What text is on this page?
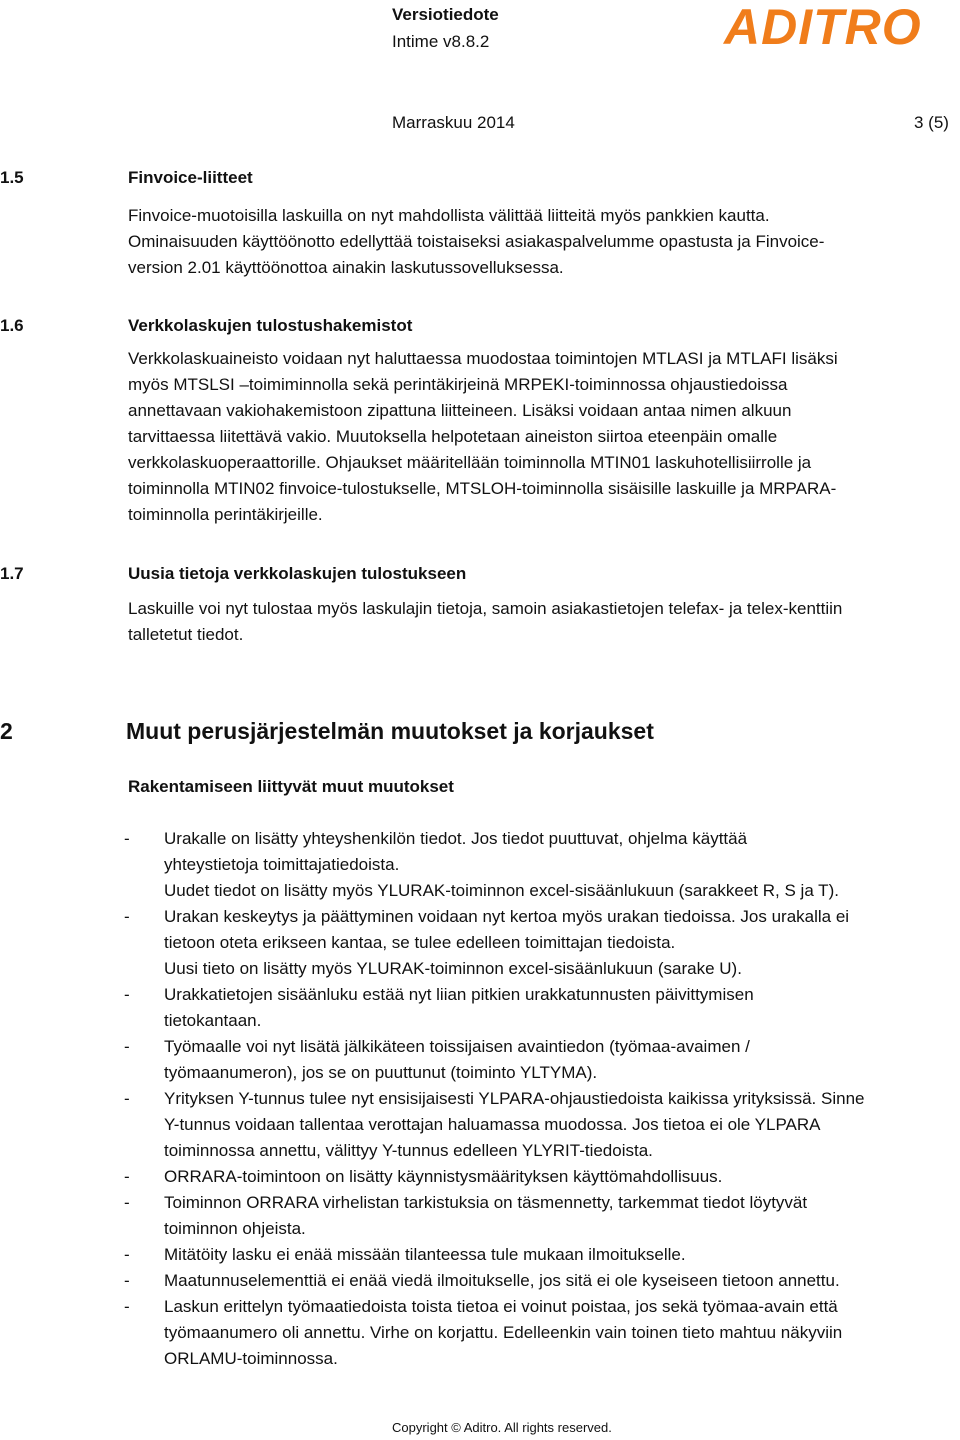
Versiotiedote
Intime v8.8.2	ADITRO
Marraskuu 2014	3 (5)
1.5	Finvoice-liitteet
Finvoice-muotoisilla laskuilla on nyt mahdollista välittää liitteitä myös pankkien kautta.
Ominaisuuden käyttöönotto edellyttää toistaiseksi asiakaspalvelumme opastusta ja Finvoice-
version 2.01 käyttöönottoa ainakin laskutussovelluksessa.
1.6	Verkkolaskujen tulostushakemistot
Verkkolaskuaineisto voidaan nyt haluttaessa muodostaa toimintojen MTLASI ja MTLAFI lisäksi
myös MTSLSI –toimiminnolla sekä perintäkirjeinä MRPEKI-toiminnossa ohjaustiedoissa
annettavaan vakiohakemistoon zipattuna liitteineen. Lisäksi voidaan antaa nimen alkuun
tarvittaessa liitettävä vakio. Muutoksella helpotetaan aineiston siirtoa eteenpäin omalle
verkkolaskuoperaattorille. Ohjaukset määritellään toiminnolla MTIN01 laskuhotellisiirrolle ja
toiminnolla MTIN02 finvoice-tulostukselle, MTSLOH-toiminnolla sisäisille laskuille ja MRPARA-
toiminnolla perintäkirjeille.
1.7	Uusia tietoja verkkolaskujen tulostukseen
Laskuille voi nyt tulostaa myös laskulajin tietoja, samoin asiakastietojen telefax- ja telex-kenttiin
talletetut tiedot.
2	Muut perusjärjestelmän muutokset ja korjaukset
Rakentamiseen liittyvät muut muutokset
- Urakalle on lisätty yhteyshenkilön tiedot. Jos tiedot puuttuvat, ohjelma käyttää
yhteystietoja toimittajatiedoista.
Uudet tiedot on lisätty myös YLURAK-toiminnon excel-sisäänlukuun (sarakkeet R, S ja T).
- Urakan keskeytys ja päättyminen voidaan nyt kertoa myös urakan tiedoissa. Jos urakalla ei
tietoon oteta erikseen kantaa, se tulee edelleen toimittajan tiedoista.
Uusi tieto on lisätty myös YLURAK-toiminnon excel-sisäänlukuun (sarake U).
- Urakkatietojen sisäänluku estää nyt liian pitkien urakkatunnusten päivittymisen
tietokantaan.
- Työmaalle voi nyt lisätä jälkikäteen toissijaisen avaintiedon (työmaa-avaimen /
työmaanumeron), jos se on puuttunut (toiminto YLTYMA).
- Yrityksen Y-tunnus tulee nyt ensisijaisesti YLPARA-ohjaustiedoista kaikissa yrityksissä. Sinne
Y-tunnus voidaan tallentaa verottajan haluamassa muodossa. Jos tietoa ei ole YLPARA
toiminnossa annettu, välittyy Y-tunnus edelleen YLYRIT-tiedoista.
- ORRARA-toimintoon on lisätty käynnistysmäärityksen käyttömahdollisuus.
- Toiminnon ORRARA virhelistan tarkistuksia on täsmennetty, tarkemmat tiedot löytyvät
toiminnon ohjeista.
- Mitätöity lasku ei enää missään tilanteessa tule mukaan ilmoitukselle.
- Maatunnuselementtiä ei enää viedä ilmoitukselle, jos sitä ei ole kyseiseen tietoon annettu.
- Laskun erittelyn työmaatiedoista toista tietoa ei voinut poistaa, jos sekä työmaa-avain että
työmaanumero oli annettu. Virhe on korjattu. Edelleenkin vain toinen tieto mahtuu näkyviin
ORLAMU-toiminnossa.
Copyright © Aditro. All rights reserved.
